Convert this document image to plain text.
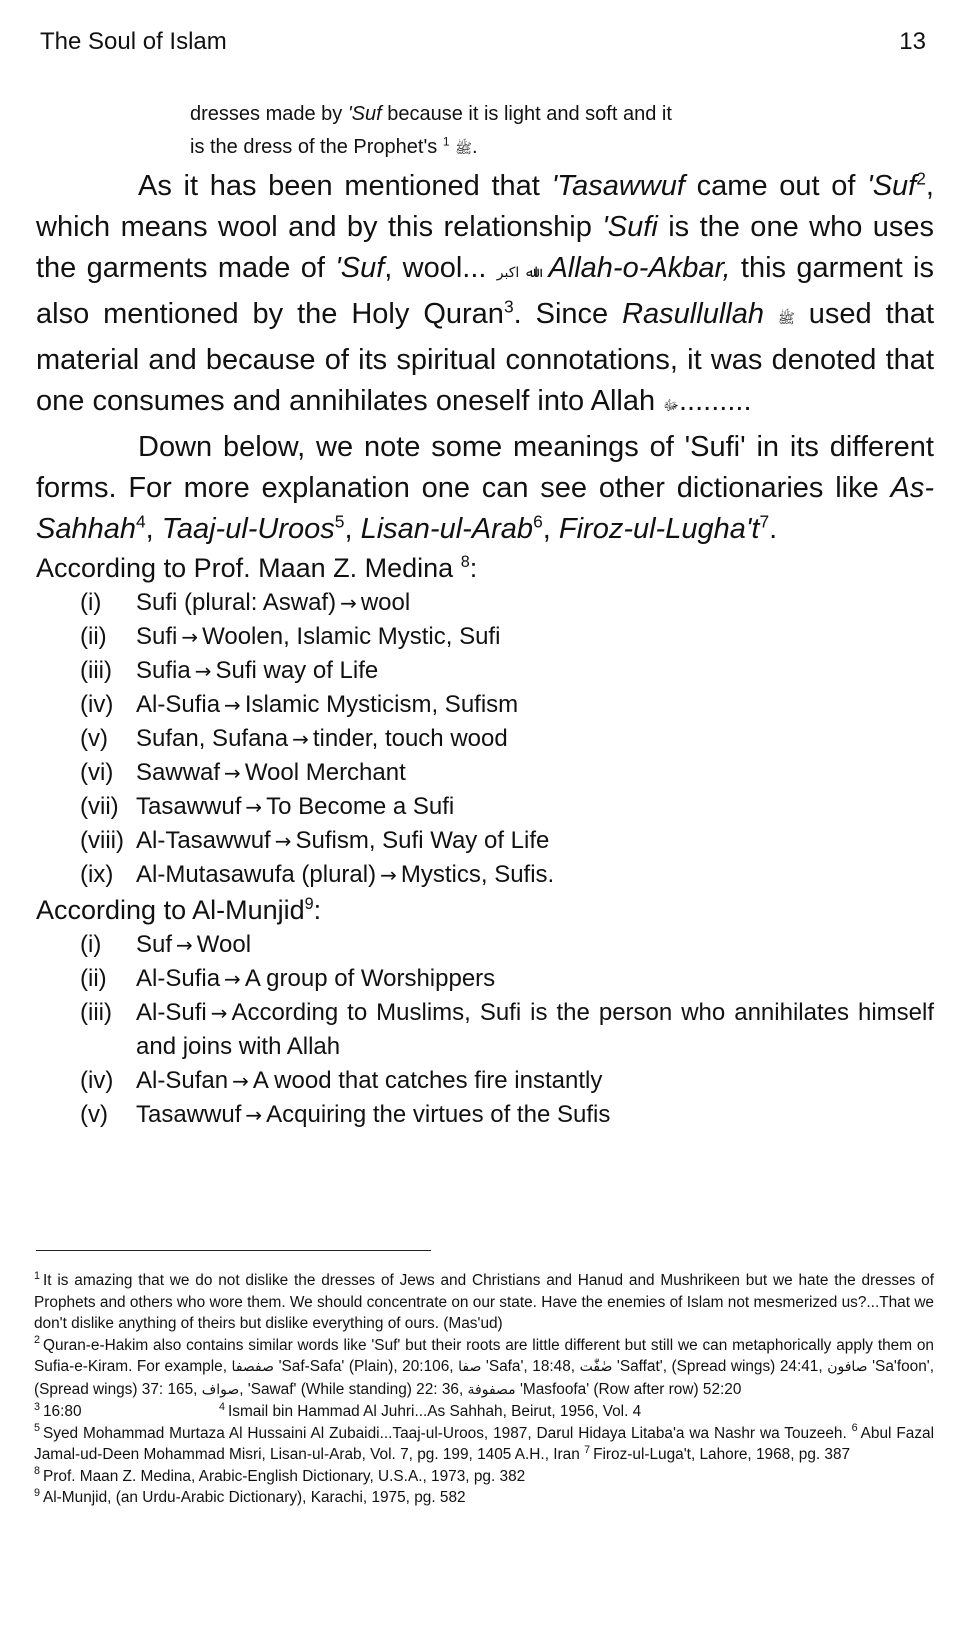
The Soul of Islam	13
dresses made by 'Suf because it is light and soft and it
is the dress of the Prophet's ﷺ $^1$ .

As it has been mentioned that 'Tasawwuf came out of 'Suf$^2$, which means wool and by this relationship 'Sufi is the one who uses the garments made of 'Suf, wool... اﷲ اکبر Allah-o-Akbar, this garment is also mentioned by the Holy Quran$^3$. Since Rasullullah ﷺ used that material and because of its spiritual connotations, it was denoted that one consumes and annihilates oneself into Allah ﷻ.........

Down below, we note some meanings of 'Sufi' in its different forms. For more explanation one can see other dictionaries like As-Sahhah$^4$, Taaj-ul-Uroos$^5$, Lisan-ul-Arab$^6$, Firoz-$ul-Lugha't^7$.

According to Prof. Maan Z. Medina $^8$:

(i)	Sufi (plural: Aswaf) → wool
(ii)	Sufi → Woolen, Islamic Mystic, Sufi
(iii)	Sufia → Sufi way of Life
(iv) Al-Sufia → Islamic Mysticism, Sufism
(v)	Sufan, Sufana → tinder, touch wood
(vi) Sawwaf → Wool Merchant
(vii) Tasawwuf → To Become a Sufi
(viii) Al-Tasawwuf → Sufism, Sufi Way of Life
(ix) Al-Mutasawufa (plural) → Mystics, Sufis.

According to Al-Munjid$^9$:

(i)	Suf → Wool
(ii)	Al-Sufia → A group of Worshippers
(iii)	Al-Sufi → According to Muslims, Sufi is the person who annihilates himself and joins with Allah
(iv) Al-Sufan → A wood that catches fire instantly
(v)	Tasawwuf → Acquiring the virtues of the Sufis

$^1$ It is amazing that we do not dislike the dresses of Jews and Christians and Hanud and Mushrikeen but we hate the dresses of Prophets and others who wore them. We should concentrate on our state. Have the enemies of Islam not mesmerized us?...That we don't dislike anything of theirs but dislike everything of ours. (Mas'ud)

$^2$ Quran-e-Hakim also contains similar words like 'Suf' but their roots are little different but still we can metaphorically apply them on Sufia-e-Kiram. For example, صفصفا 'Saf-Safa' (Plain), 20:106, صفا 'Safa', 18:48, صٰفّٰت 'Saffat', (Spread wings) 24:41, صافون 'Sa'foon', (Spread wings) 37: 165, صواف, 'Sawaf' (While standing) 22: 36, مصفوفة 'Masfoofa' (Row after row) 52:20

$^3$ 16:80	$^4$ Ismail bin Hammad Al Juhri...As Sahhah, Beirut, 1956, Vol. 4

$^5$ Syed Mohammad Murtaza Al Hussaini Al Zubaidi...Taaj-ul-Uroos, 1987, Darul Hidaya Litaba'a wa Nashr wa Touzeeh. $^6$ Abul Fazal Jamal-ud-Deen Mohammad Misri, Lisan-ul-Arab, Vol. 7, pg. 199, 1405 A.H., Iran $^7$ Firoz-ul-Luga't, Lahore, 1968, pg. 387

$^8$ Prof. Maan Z. Medina, Arabic-English Dictionary, U.S.A., 1973, pg. 382

$^9$ Al-Munjid, (an Urdu-Arabic Dictionary), Karachi, 1975, pg. 582
